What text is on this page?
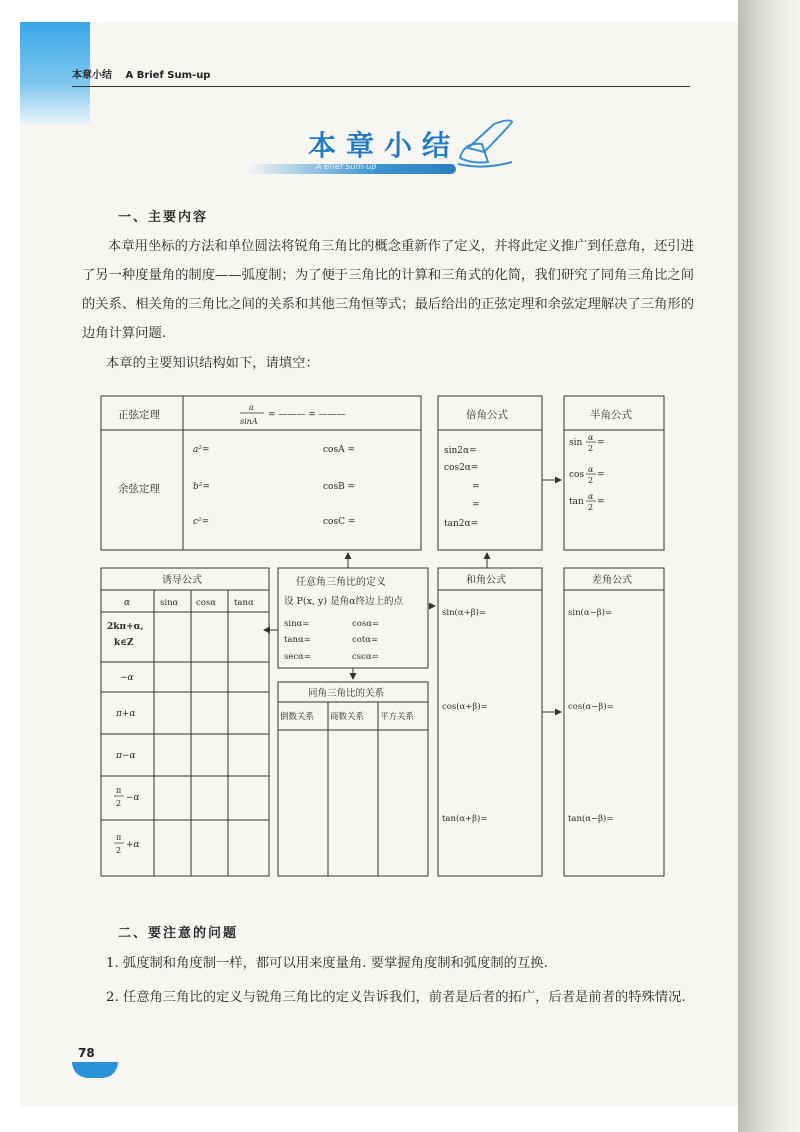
本章小结 A Brief Sum-up
本章小结
A Brief Sum-up
一、主要内容
本章用坐标的方法和单位圆法将锐角三角比的概念重新作了定义，并将此定义推广到任意角，还引进了另一种度量角的制度——弧度制；为了便于三角比的计算和三角式的化简，我们研究了同角三角比之间的关系、相关角的三角比之间的关系和其他三角恒等式；最后给出的正弦定理和余弦定理解决了三角形的边角计算问题.
本章的主要知识结构如下，请填空：
正弦定理
a
sinA
= ——— = ———
余弦定理
a²=
b²=
c²=
cosA =
cosB =
cosC =
倍角公式
sin2α=
cos2α=
=
=
tan2α=
半角公式
sin
α
2
=
cos
α
2
=
tan
α
2
=
诱导公式
α	sinα cosα tanα
2kπ+α,
k∈Z
−α
π+α
π−α
π
2
−α
π
2
+α
任意角三角比的定义
设 P(x, y) 是角α终边上的点
sinα=
tanα=
secα=
cosα=
cotα=
cscα=
同角三角比的关系
倒数关系 商数关系 平方关系
和角公式
sin(α+β)=
cos(α+β)=
tan(α+β)=
差角公式
sin(α−β)=
cos(α−β)=
tan(α−β)=
二、要注意的问题
1. 弧度制和角度制一样，都可以用来度量角. 要掌握角度制和弧度制的互换.
2. 任意角三角比的定义与锐角三角比的定义告诉我们，前者是后者的拓广，后者是前者的特殊情况.
78
